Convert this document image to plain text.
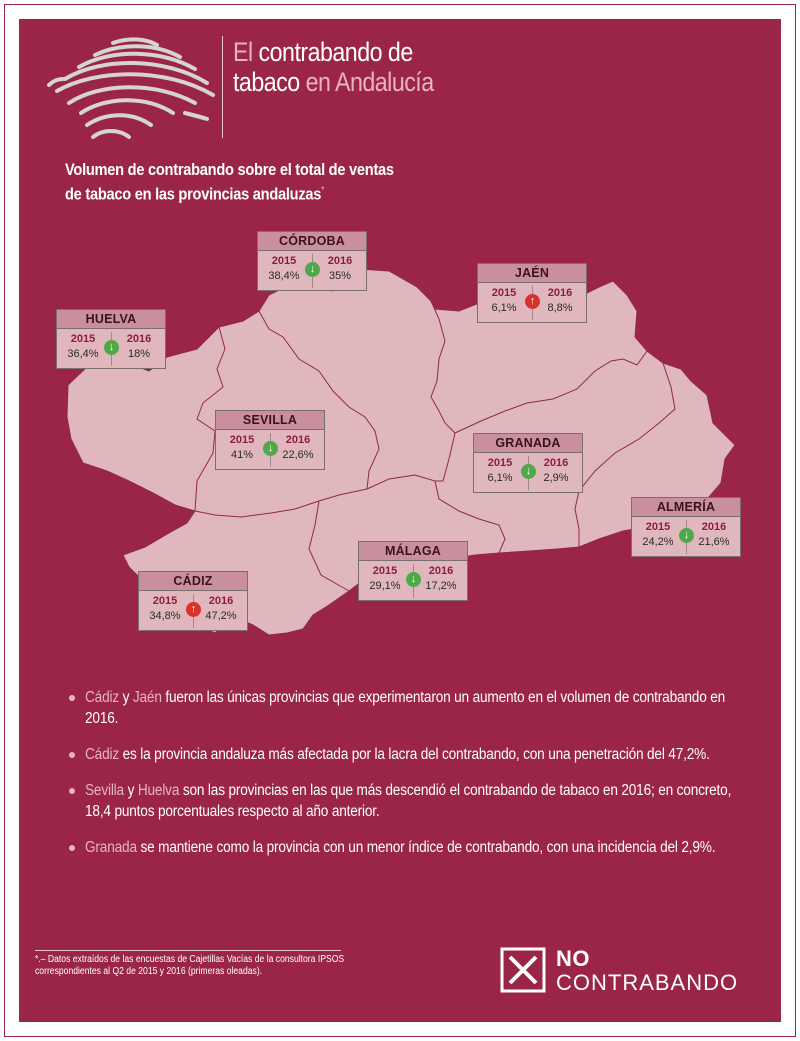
El contrabando de
tabaco en Andalucía
Volumen de contrabando sobre el total de ventas
de tabaco en las provincias andaluzas*
CÓRDOBA
2015
38,4%
↓
2016
35%	JAÉN
2015
6,1%
↑
2016
8,8%
HUELVA
2015
36,4%
↓
2016
18%
SEVILLA
2015
41%
↓
2016
22,6%
GRANADA
2015
6,1%
↓
2016
2,9%
ALMERÍA
2015
24,2%
↓
2016
21,6%
MÁLAGA
2015
29,1%
↓
2016
17,2%
CÁDIZ
2015
34,8%
↑
2016
47,2%
Cádiz y Jaén fueron las únicas provincias que experimentaron un aumento en el volumen de contrabando en 2016.
Cádiz es la provincia andaluza más afectada por la lacra del contrabando, con una penetración del 47,2%.
Sevilla y Huelva son las provincias en las que más descendió el contrabando de tabaco en 2016; en concreto, 18,4 puntos porcentuales respecto al año anterior.
Granada se mantiene como la provincia con un menor índice de contrabando, con una incidencia del 2,9%.
*.– Datos extraídos de las encuestas de Cajetillas Vacías de la consultora IPSOS correspondientes al Q2 de 2015 y 2016 (primeras oleadas).
NO
CONTRABANDO
